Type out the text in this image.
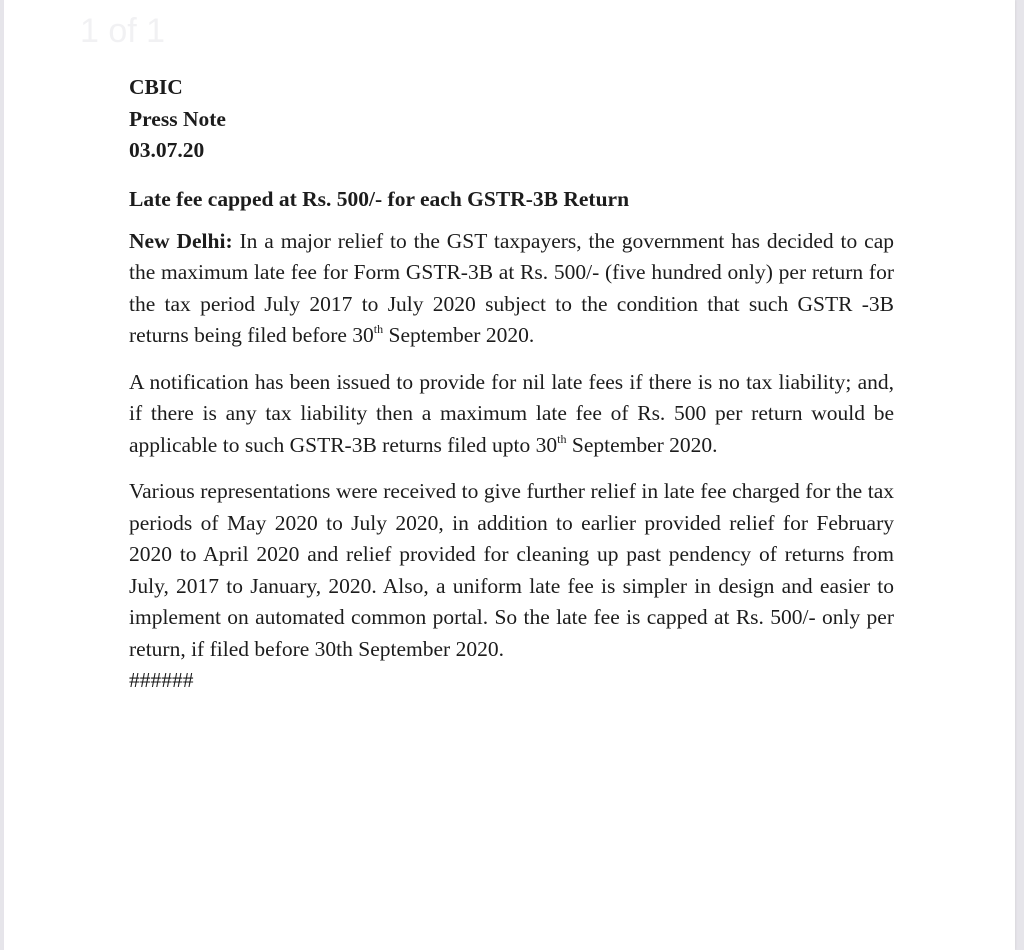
1 of 1
CBIC
Press Note
03.07.20
Late fee capped at Rs. 500/- for each GSTR-3B Return

New Delhi: In a major relief to the GST taxpayers, the government has decided to cap the maximum late fee for Form GSTR-3B at Rs. 500/- (five hundred only) per return for the tax period July 2017 to July 2020 subject to the condition that such GSTR -3B returns being filed before 30th September 2020.

A notification has been issued to provide for nil late fees if there is no tax liability; and, if there is any tax liability then a maximum late fee of Rs. 500 per return would be applicable to such GSTR-3B returns filed upto 30th September 2020.

Various representations were received to give further relief in late fee charged for the tax periods of May 2020 to July 2020, in addition to earlier provided relief for February 2020 to April 2020 and relief provided for cleaning up past pendency of returns from July, 2017 to January, 2020. Also, a uniform late fee is simpler in design and easier to implement on automated common portal. So the late fee is capped at Rs. 500/- only per return, if filed before 30th September 2020.

######
